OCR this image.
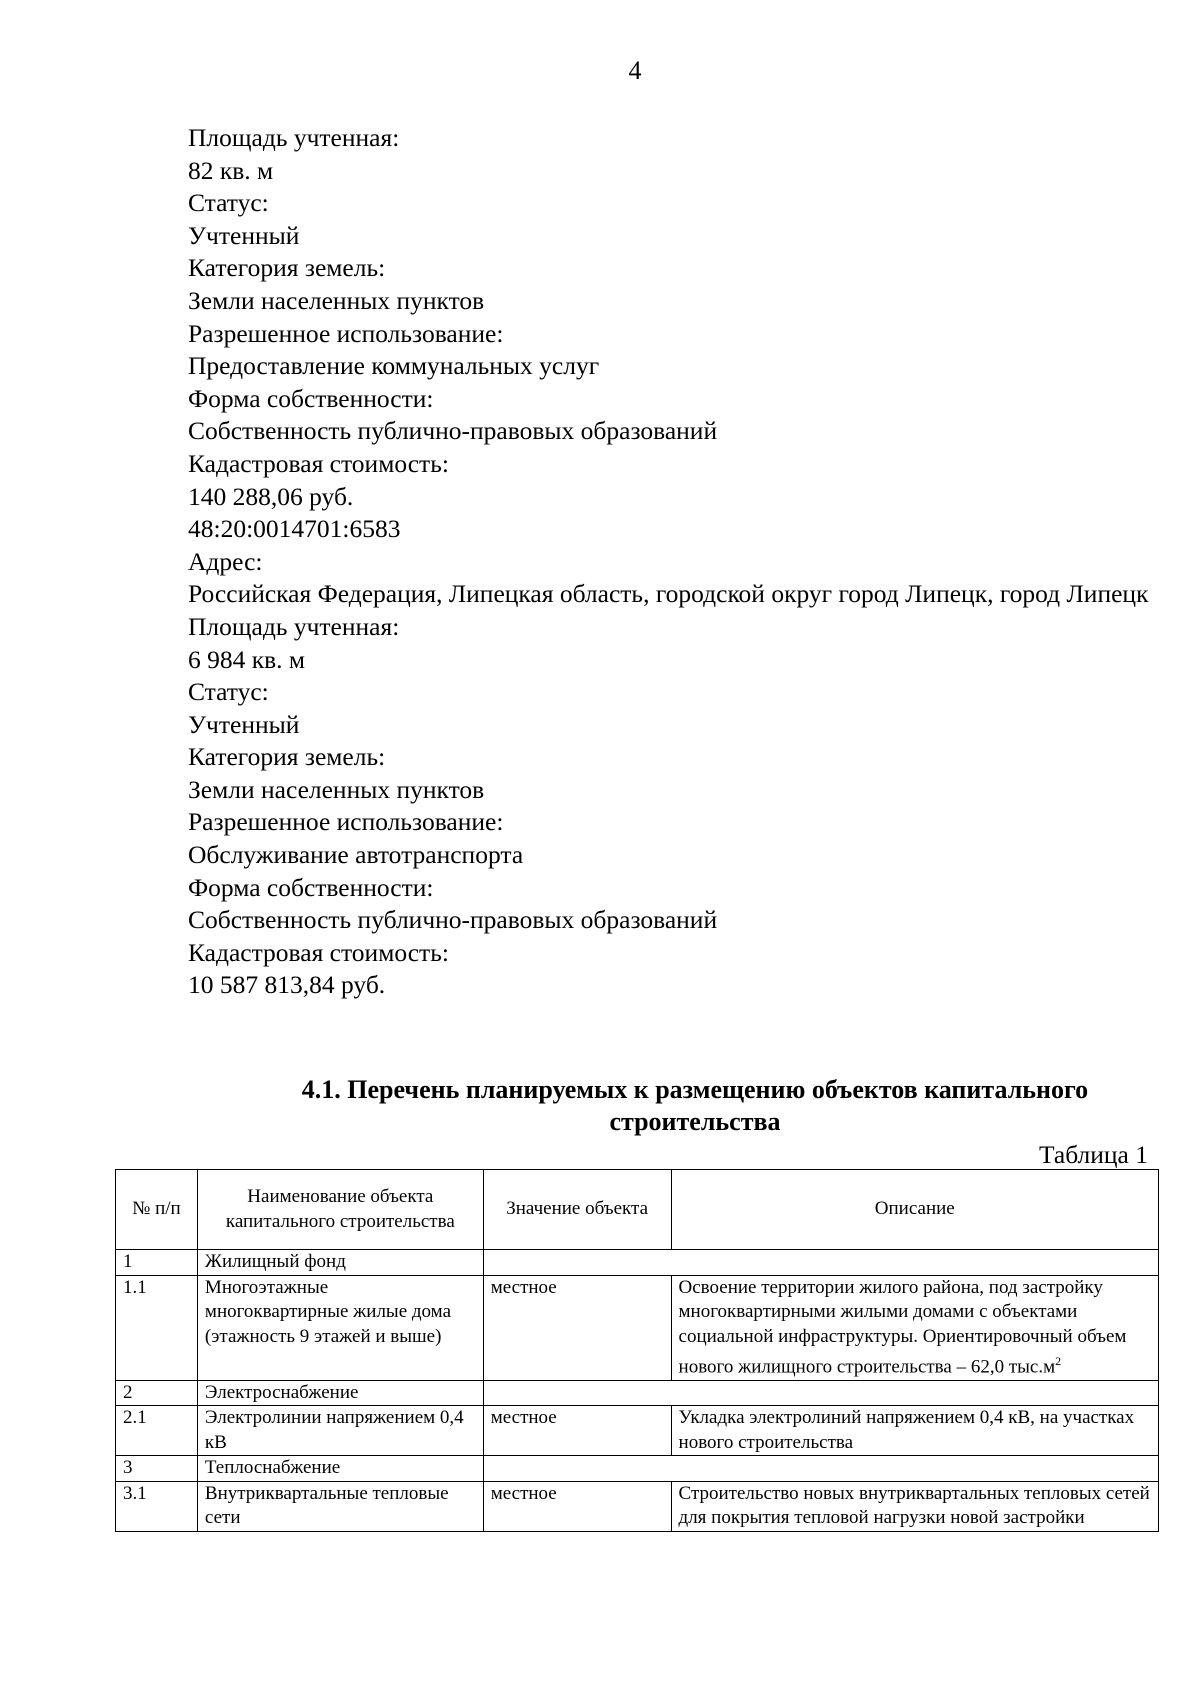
4

Площадь учтенная:

82 кв. м

Статус:

Учтенный

Категория земель:

Земли населенных пунктов

Разрешенное использование:

Предоставление коммунальных услуг

Форма собственности:

Собственность публично-правовых образований

Кадастровая стоимость:

140 288,06 руб.

48:20:0014701:6583

Адрес:

Российская Федерация, Липецкая область, городской округ город Липецк, город Липецк

Площадь учтенная:

6 984 кв. м

Статус:

Учтенный

Категория земель:

Земли населенных пунктов

Разрешенное использование:

Обслуживание автотранспорта

Форма собственности:

Собственность публично-правовых образований

Кадастровая стоимость:

10 587 813,84 руб.

4.1. Перечень планируемых к размещению объектов капитального
строительства
Таблица 1
№ п/п	Наименование объекта капитального строительства	Значение объекта	Описание
1	Жилищный фонд		
1.1	Многоэтажные многоквартирные жилые дома (этажность 9 этажей и выше)	местное	Освоение территории жилого района, под застройку многоквартирными жилыми домами с объектами социальной инфраструктуры. Ориентировочный объем нового жилищного строительства – 62,0 $тыс.м^2$
2	Электроснабжение		
2.1	Электролинии напряжением 0,4 кВ	местное	Укладка электролиний напряжением 0,4 кВ, на участках нового строительства
3	Теплоснабжение		
3.1	Внутриквартальные тепловые сети	местное	Строительство новых внутриквартальных тепловых сетей для покрытия тепловой нагрузки новой застройки
